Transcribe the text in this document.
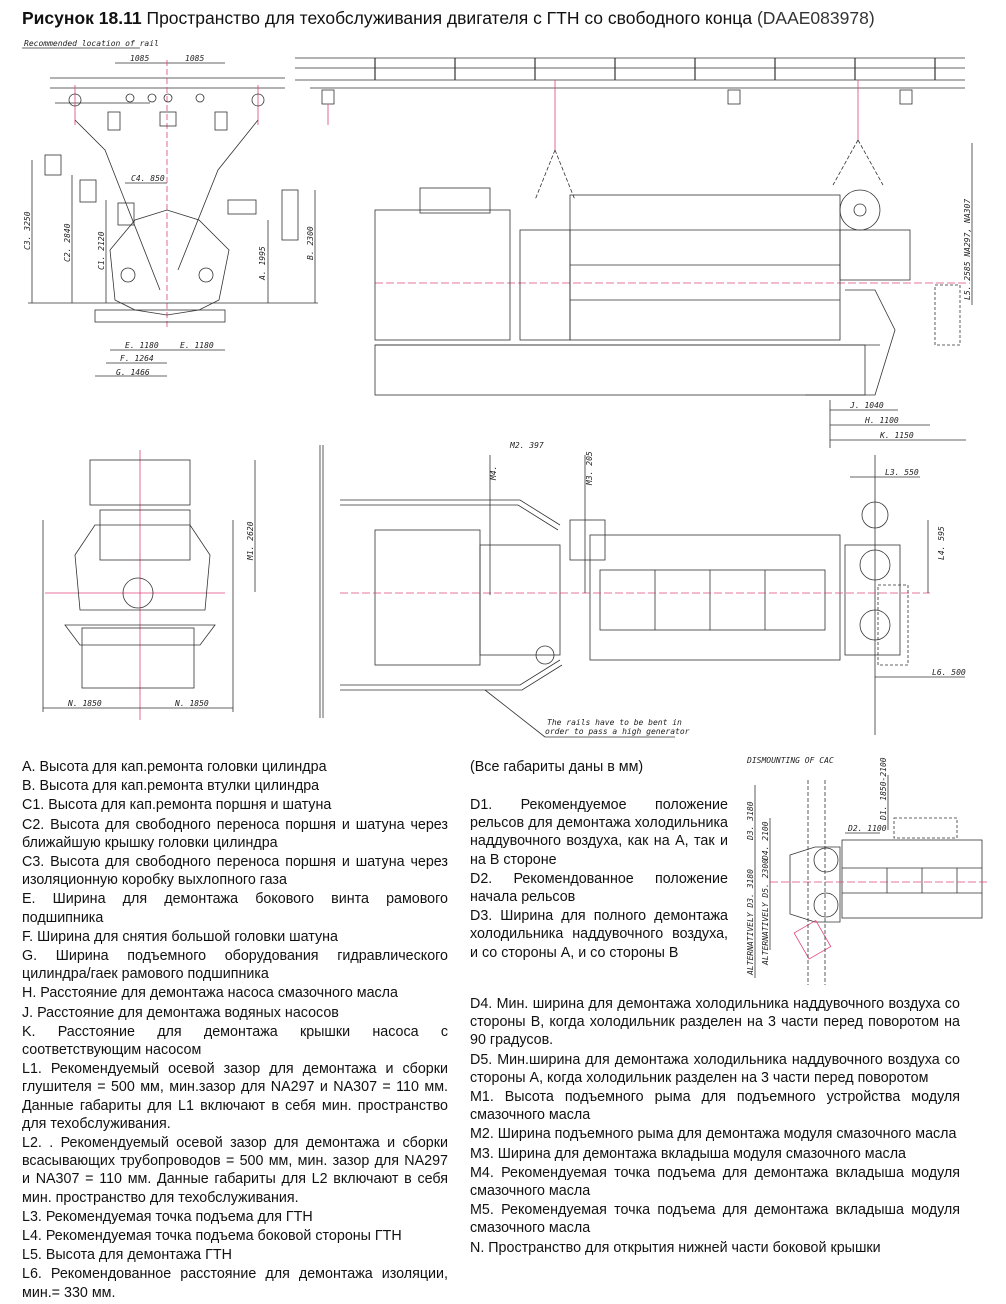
Рисунок 18.11 Пространство для техобслуживания двигателя с ГТН со свободного конца (DAAE083978)
Recommended location of rail
1085	1085
E. 1180	E. 1180
F. 1264
G. 1466
C4. 850
C3. 3250	C2. 2840	C1. 2120	A. 1995
B. 2300
J. 1040
H. 1100
K. 1150
L5. 2585 NA297, NA307
N. 1850	N. 1850
M1. 2620
M4.
M2. 397
M3. 205	L3. 550
L4. 595
L6. 500
The rails have to be bent in
order to pass a high generator
DISMOUNTING OF CAC
D3. 3180
D4. 2100
ALTERNATIVELY D3. 3180 ALTERNATIVELY D5. 2300
D1. 1850-2100
D2. 1100

A. Высота для кап.ремонта головки цилиндра

B. Высота для кап.ремонта втулки цилиндра

C1. Высота для кап.ремонта поршня и шатуна

C2. Высота для свободного переноса поршня и шатуна через ближайшую крышку головки цилиндра

C3. Высота для свободного переноса поршня и шатуна через изоляционную коробку выхлопного газа

E. Ширина для демонтажа бокового винта рамового подшипника

F. Ширина для снятия большой головки шатуна

G. Ширина подъемного оборудования гидравлического цилиндра/гаек рамового подшипника

H. Расстояние для демонтажа насоса смазочного масла

J. Расстояние для демонтажа водяных насосов

K. Расстояние для демонтажа крышки насоса с соответствующим насосом

L1. Рекомендуемый осевой зазор для демонтажа и сборки глушителя = 500 мм, мин.зазор для NA297 и NA307 = 110 мм. Данные габариты для L1 включают в себя мин. пространство для техобслуживания.

L2. . Рекомендуемый осевой зазор для демонтажа и сборки всасывающих трубопроводов = 500 мм, мин. зазор для NA297 и NA307 = 110 мм. Данные габариты для L2 включают в себя мин. пространство для техобслуживания.

L3. Рекомендуемая точка подъема для ГТН

L4. Рекомендуемая точка подъема боковой стороны ГТН

L5. Высота для демонтажа ГТН

L6. Рекомендованное расстояние для демонтажа изоляции, мин.= 330 мм.

(Все габариты даны в мм)

D1. Рекомендуемое положение рельсов для демонтажа холодильника наддувочного воздуха, как на A, так и на B стороне

D2. Рекомендованное положение начала рельсов

D3. Ширина для полного демонтажа холодильника наддувочного воздуха, и со стороны A, и со стороны B

D4. Мин. ширина для демонтажа холодильника наддувочного воздуха со стороны B, когда холодильник разделен на 3 части перед поворотом на 90 градусов.

D5. Мин.ширина для демонтажа холодильника наддувочного воздуха со стороны A, когда холодильник разделен на 3 части перед поворотом

M1. Высота подъемного рыма для подъемного устройства модуля смазочного масла

M2. Ширина подъемного рыма для демонтажа модуля смазочного масла

M3. Ширина для демонтажа вкладыша модуля смазочного масла

M4. Рекомендуемая точка подъема для демонтажа вкладыша модуля смазочного масла

M5. Рекомендуемая точка подъема для демонтажа вкладыша модуля смазочного масла

N. Пространство для открытия нижней части боковой крышки
